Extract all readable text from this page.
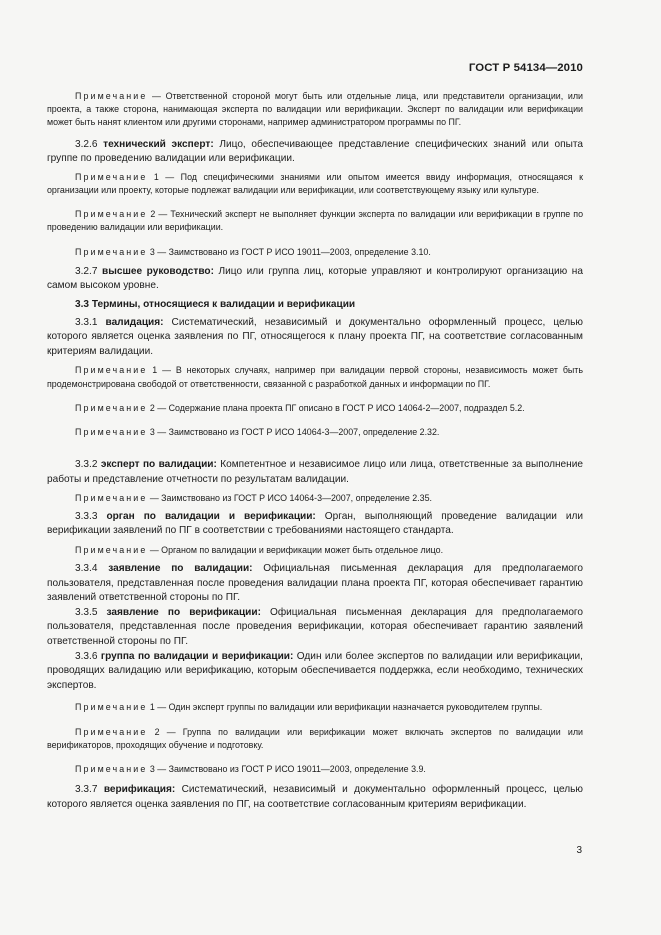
ГОСТ Р 54134—2010

Примечание — Ответственной стороной могут быть или отдельные лица, или представители организации, или проекта, а также сторона, нанимающая эксперта по валидации или верификации. Эксперт по валидации или верификации может быть нанят клиентом или другими сторонами, например администратором программы по ПГ.

3.2.6 технический эксперт: Лицо, обеспечивающее представление специфических знаний или опыта группе по проведению валидации или верификации.

Примечание 1 — Под специфическими знаниями или опытом имеется ввиду информация, относящаяся к организации или проекту, которые подлежат валидации или верификации, или соответствующему языку или культуре.

Примечание 2 — Технический эксперт не выполняет функции эксперта по валидации или верификации в группе по проведению валидации или верификации.

Примечание 3 — Заимствовано из ГОСТ Р ИСО 19011—2003, определение 3.10.

3.2.7 высшее руководство: Лицо или группа лиц, которые управляют и контролируют организацию на самом высоком уровне.

3.3 Термины, относящиеся к валидации и верификации

3.3.1 валидация: Систематический, независимый и документально оформленный процесс, целью которого является оценка заявления по ПГ, относящегося к плану проекта ПГ, на соответствие согласованным критериям валидации.

Примечание 1 — В некоторых случаях, например при валидации первой стороны, независимость может быть продемонстрирована свободой от ответственности, связанной с разработкой данных и информации по ПГ.

Примечание 2 — Содержание плана проекта ПГ описано в ГОСТ Р ИСО 14064-2—2007, подраздел 5.2.

Примечание 3 — Заимствовано из ГОСТ Р ИСО 14064-3—2007, определение 2.32.

3.3.2 эксперт по валидации: Компетентное и независимое лицо или лица, ответственные за выполнение работы и представление отчетности по результатам валидации.

Примечание — Заимствовано из ГОСТ Р ИСО 14064-3—2007, определение 2.35.

3.3.3 орган по валидации и верификации: Орган, выполняющий проведение валидации или верификации заявлений по ПГ в соответствии с требованиями настоящего стандарта.

Примечание — Органом по валидации и верификации может быть отдельное лицо.

3.3.4 заявление по валидации: Официальная письменная декларация для предполагаемого пользователя, представленная после проведения валидации плана проекта ПГ, которая обеспечивает гарантию заявлений ответственной стороны по ПГ.

3.3.5 заявление по верификации: Официальная письменная декларация для предполагаемого пользователя, представленная после проведения верификации, которая обеспечивает гарантию заявлений ответственной стороны по ПГ.

3.3.6 группа по валидации и верификации: Один или более экспертов по валидации или верификации, проводящих валидацию или верификацию, которым обеспечивается поддержка, если необходимо, технических экспертов.

Примечание 1 — Один эксперт группы по валидации или верификации назначается руководителем группы.

Примечание 2 — Группа по валидации или верификации может включать экспертов по валидации или верификаторов, проходящих обучение и подготовку.

Примечание 3 — Заимствовано из ГОСТ Р ИСО 19011—2003, определение 3.9.

3.3.7 верификация: Систематический, независимый и документально оформленный процесс, целью которого является оценка заявления по ПГ, на соответствие согласованным критериям верификации.

3
